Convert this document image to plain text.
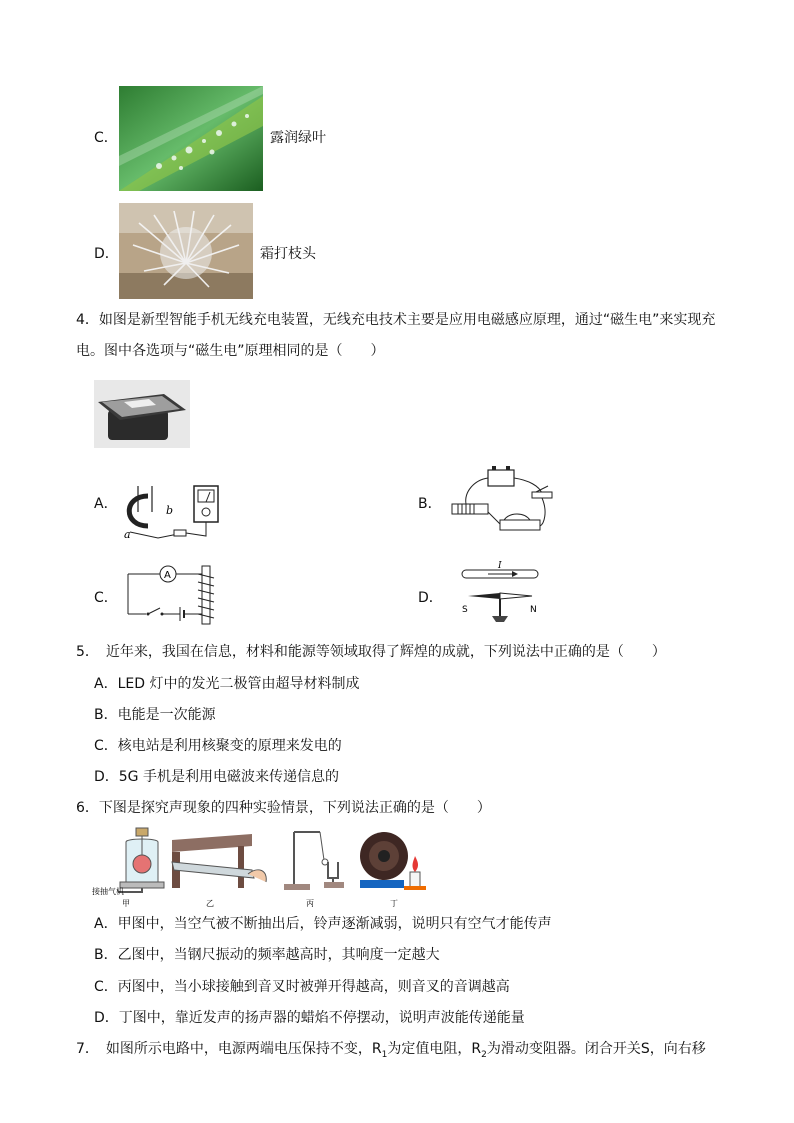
C．	露润绿叶
D．	霜打枝头
4．如图是新型智能手机无线充电装置，无线充电技术主要是应用电磁感应原理，通过“磁生电”来实现充
电。图中各选项与“磁生电”原理相同的是（　　）
A．	b
a
B．
C．
A
D．
I
S	N
5．　近年来，我国在信息，材料和能源等领域取得了辉煌的成就，下列说法中正确的是（　　）
A．LED 灯中的发光二极管由超导材料制成
B．电能是一次能源
C．核电站是利用核聚变的原理来发电的
D．5G 手机是利用电磁波来传递信息的
6．下图是探究声现象的四种实验情景，下列说法正确的是（　　）
接抽气机
甲	乙	丙	丁
A．甲图中，当空气被不断抽出后，铃声逐渐减弱，说明只有空气才能传声
B．乙图中，当钢尺振动的频率越高时，其响度一定越大
C．丙图中，当小球接触到音叉时被弹开得越高，则音叉的音调越高
D．丁图中，靠近发声的扬声器的蜡焰不停摆动，说明声波能传递能量
7．　如图所示电路中，电源两端电压保持不变，$R_1$为定值电阻，$R_2$为滑动变阻器。闭合开关S，向右移
